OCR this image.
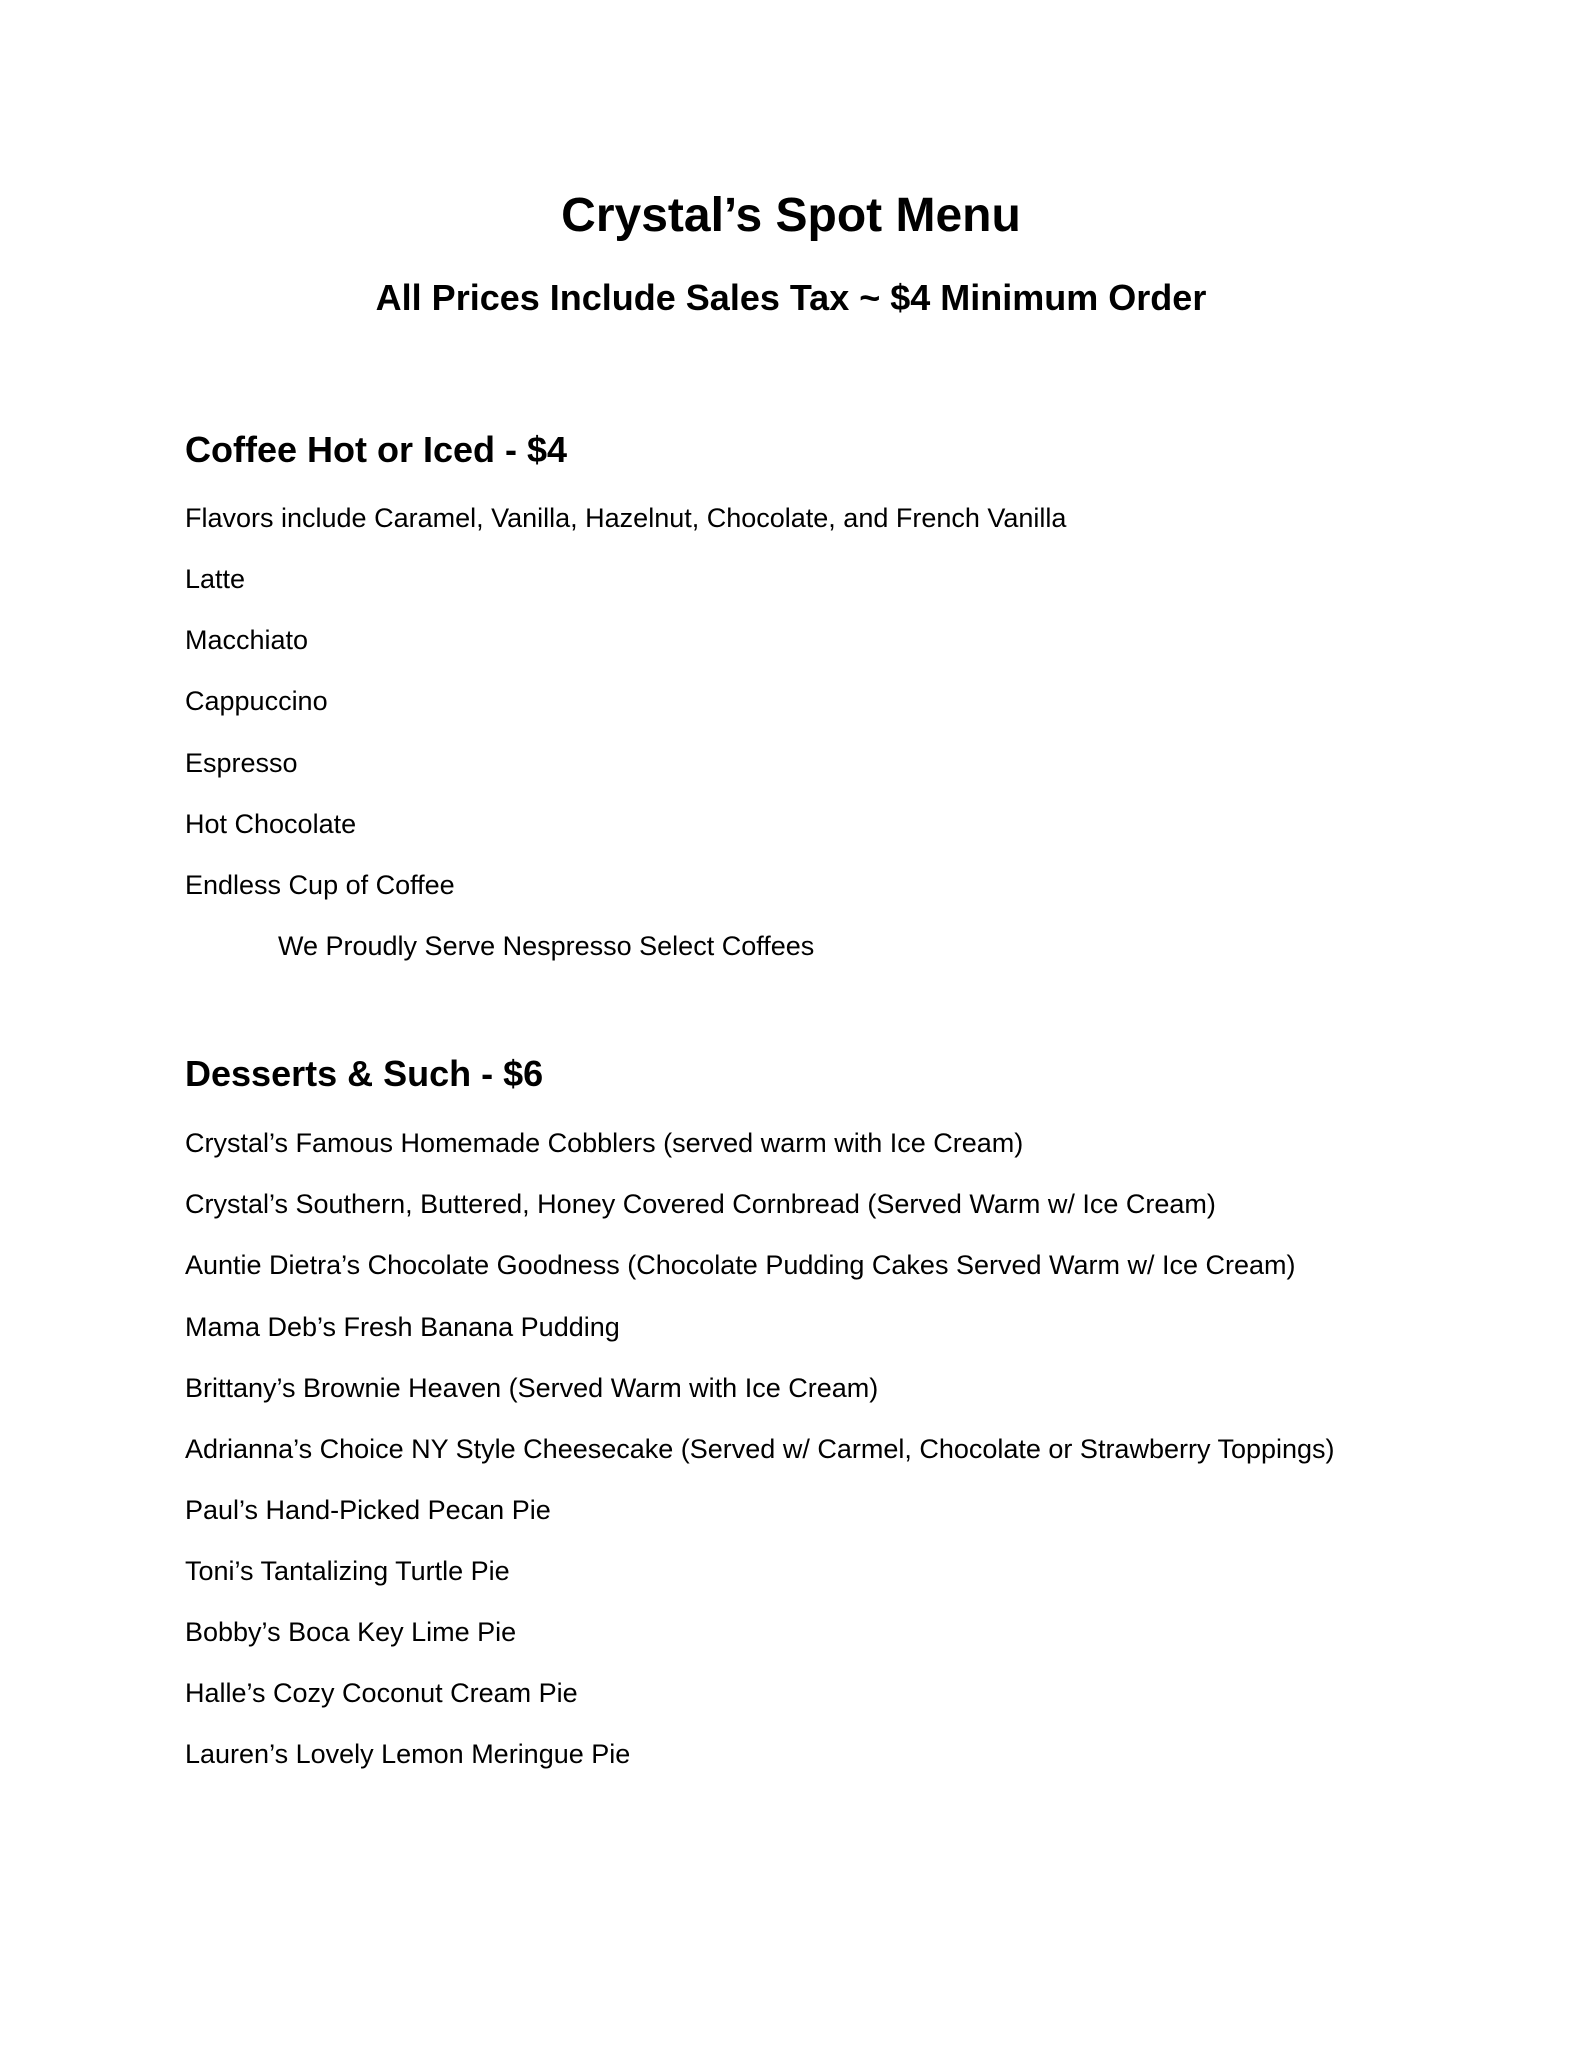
Crystal’s Spot Menu
All Prices Include Sales Tax ~ $4 Minimum Order
Coffee Hot or Iced - $4
Flavors include Caramel, Vanilla, Hazelnut, Chocolate, and French Vanilla
Latte
Macchiato
Cappuccino
Espresso
Hot Chocolate
Endless Cup of Coffee
We Proudly Serve Nespresso Select Coffees
Desserts & Such - $6
Crystal’s Famous Homemade Cobblers (served warm with Ice Cream)
Crystal’s Southern, Buttered, Honey Covered Cornbread (Served Warm w/ Ice Cream)
Auntie Dietra’s Chocolate Goodness (Chocolate Pudding Cakes Served Warm w/ Ice Cream)
Mama Deb’s Fresh Banana Pudding
Brittany’s Brownie Heaven (Served Warm with Ice Cream)
Adrianna’s Choice NY Style Cheesecake (Served w/ Carmel, Chocolate or Strawberry Toppings)
Paul’s Hand-Picked Pecan Pie
Toni’s Tantalizing Turtle Pie
Bobby’s Boca Key Lime Pie
Halle’s Cozy Coconut Cream Pie
Lauren’s Lovely Lemon Meringue Pie
